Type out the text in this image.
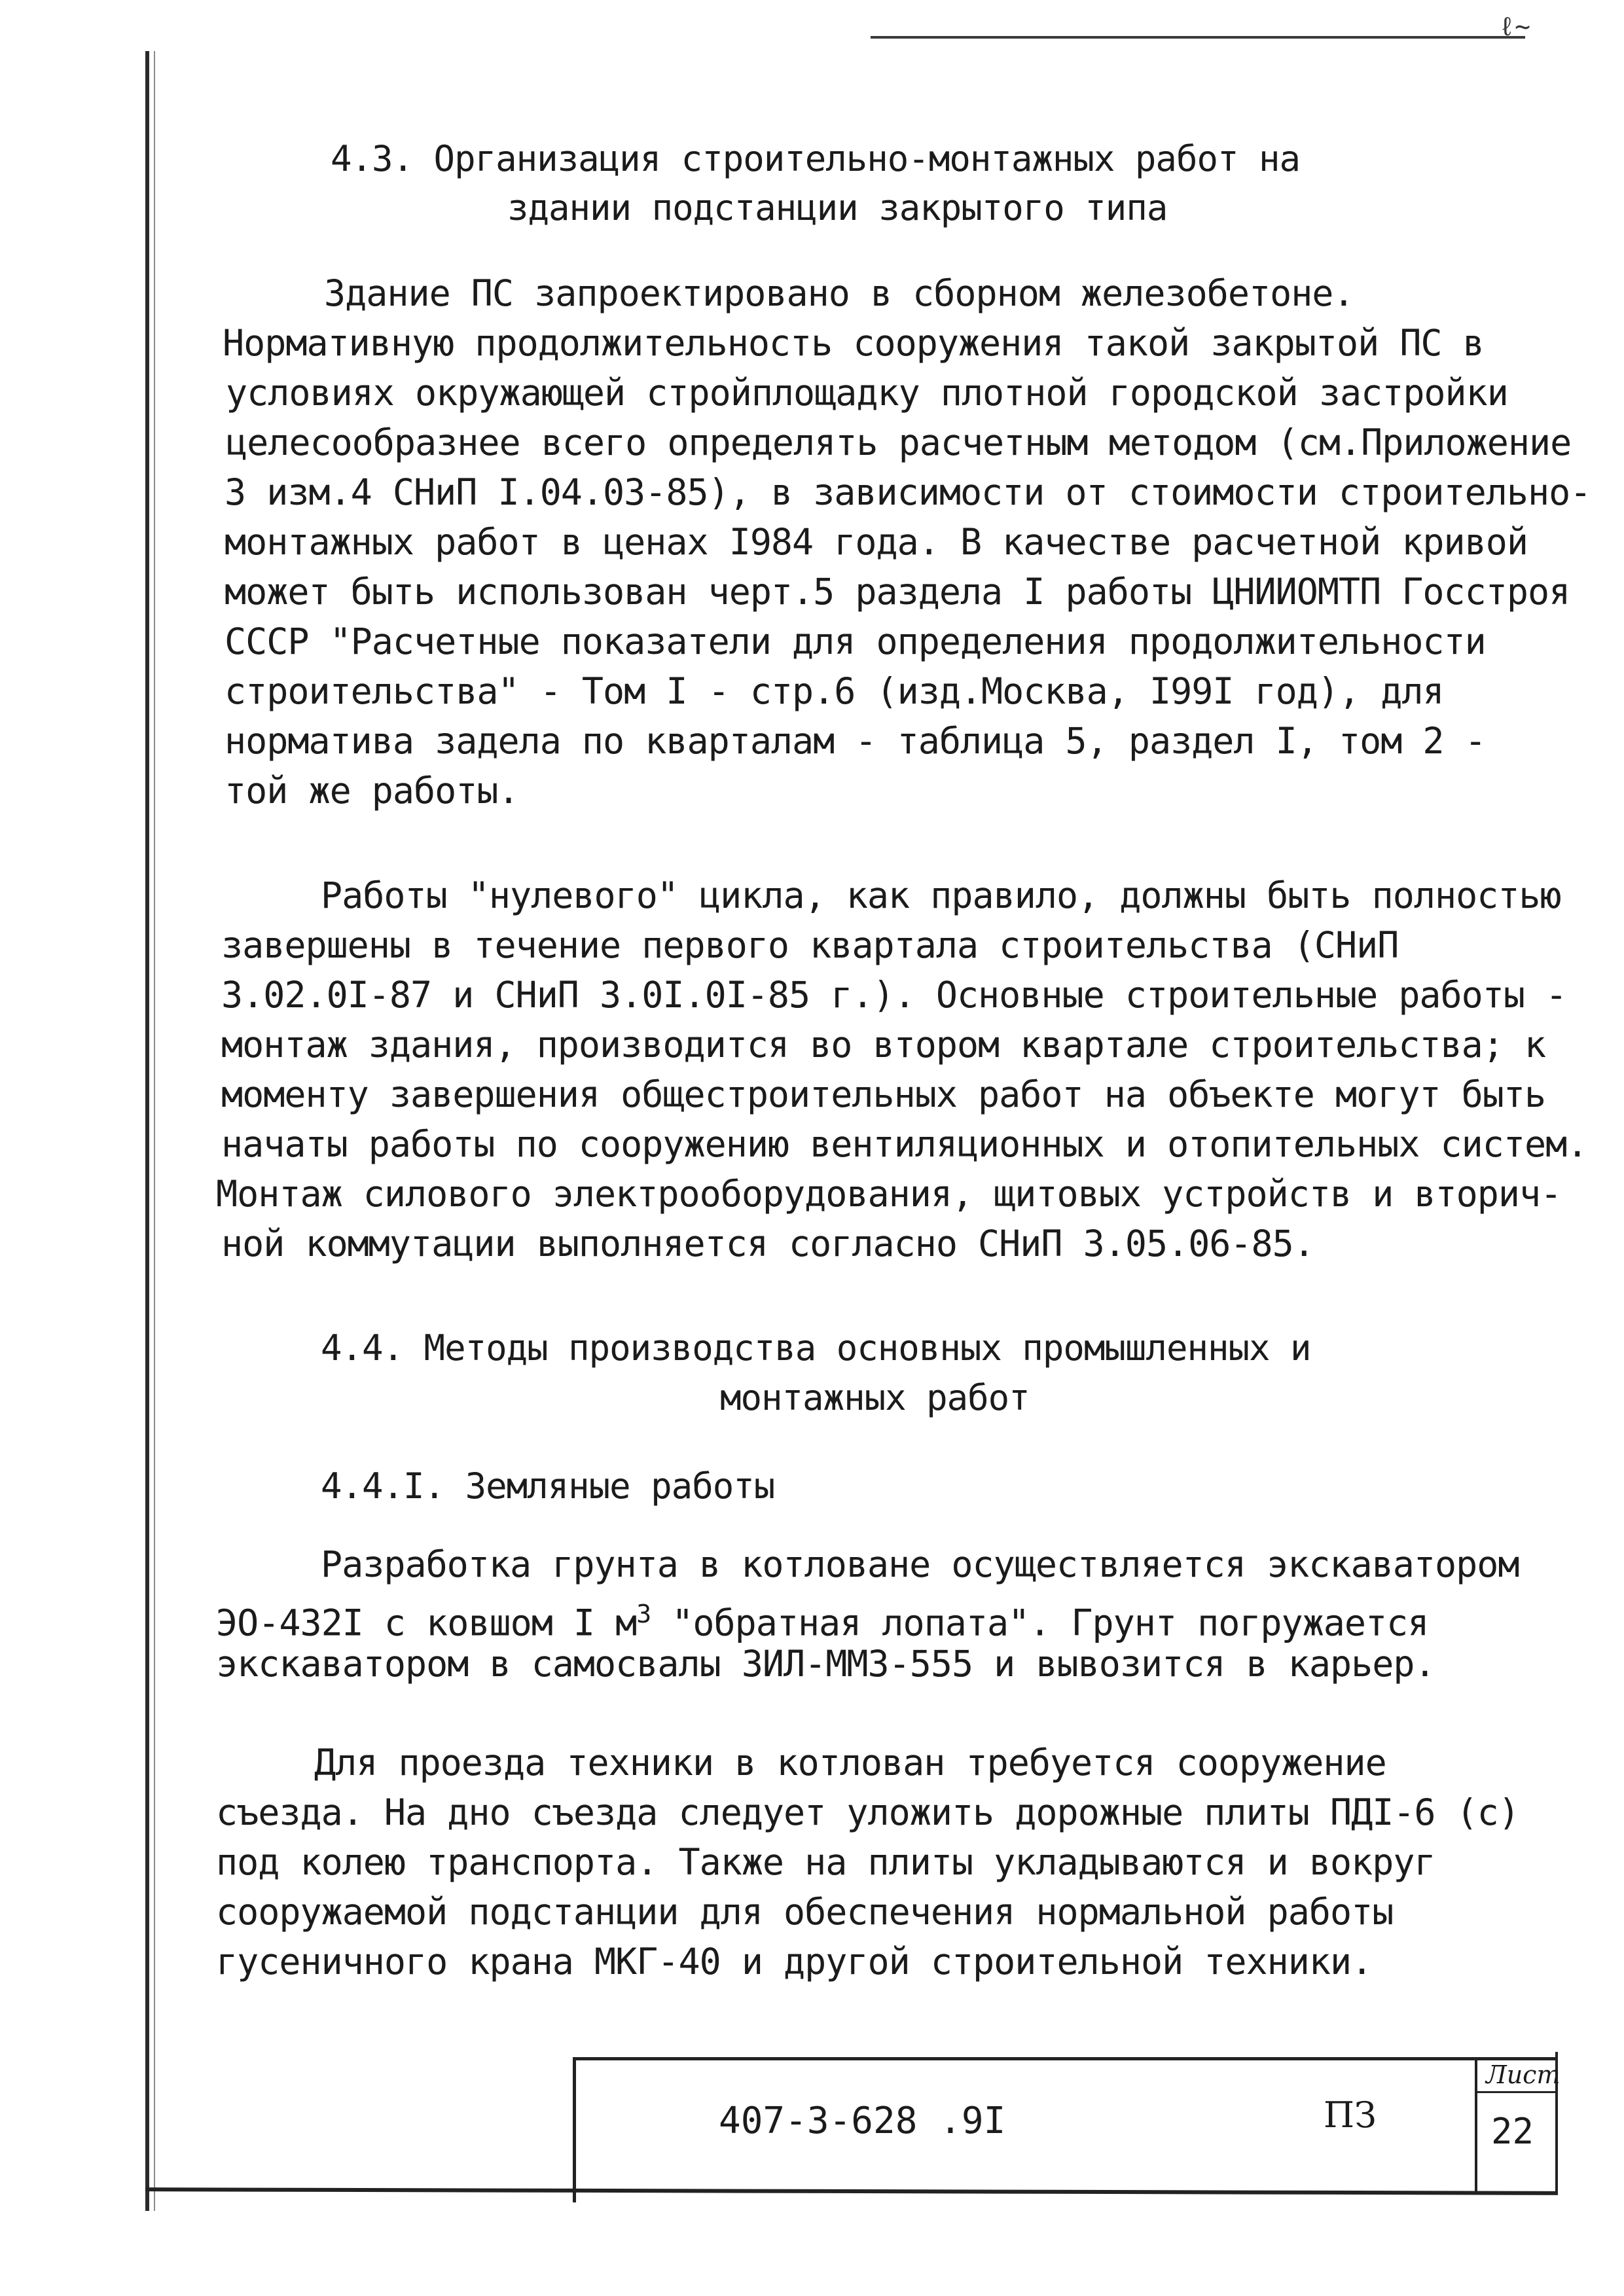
ℓ~
4.3. Организация строительно-монтажных работ на
здании подстанции закрытого типа
Здание ПС запроектировано в сборном железобетоне.
Нормативную продолжительность сооружения такой закрытой ПС в
условиях окружающей стройплощадку плотной городской застройки
целесообразнее всего определять расчетным методом (см.Приложение
3 изм.4 СНиП I.04.03-85), в зависимости от стоимости строительно-
монтажных работ в ценах I984 года. В качестве расчетной кривой
может быть использован черт.5 раздела I работы ЦНИИОМТП Госстроя
СССР "Расчетные показатели для определения продолжительности
строительства" - Том I - стр.6 (изд.Москва, I99I год), для
норматива задела по кварталам - таблица 5, раздел I, том 2 -
той же работы.
Работы "нулевого" цикла, как правило, должны быть полностью
завершены в течение первого квартала строительства (СНиП
3.02.0I-87 и СНиП 3.0I.0I-85 г.). Основные строительные работы -
монтаж здания, производится во втором квартале строительства; к
моменту завершения общестроительных работ на объекте могут быть
начаты работы по сооружению вентиляционных и отопительных систем.
Монтаж силового электрооборудования, щитовых устройств и вторич-
ной коммутации выполняется согласно СНиП 3.05.06-85.
4.4. Методы производства основных промышленных и
монтажных работ
4.4.I. Земляные работы
Разработка грунта в котловане осуществляется экскаватором
ЭО-432I с ковшом I $м^3$ "обратная лопата". Грунт погружается
экскаватором в самосвалы ЗИЛ-ММЗ-555 и вывозится в карьер.
Для проезда техники в котлован требуется сооружение
съезда. На дно съезда следует уложить дорожные плиты ПДI-6 (с)
под колею транспорта. Также на плиты укладываются и вокруг
сооружаемой подстанции для обеспечения нормальной работы
гусеничного крана МКГ-40 и другой строительной техники.
407-3-628 .9I	ПЗ
Лист
22
